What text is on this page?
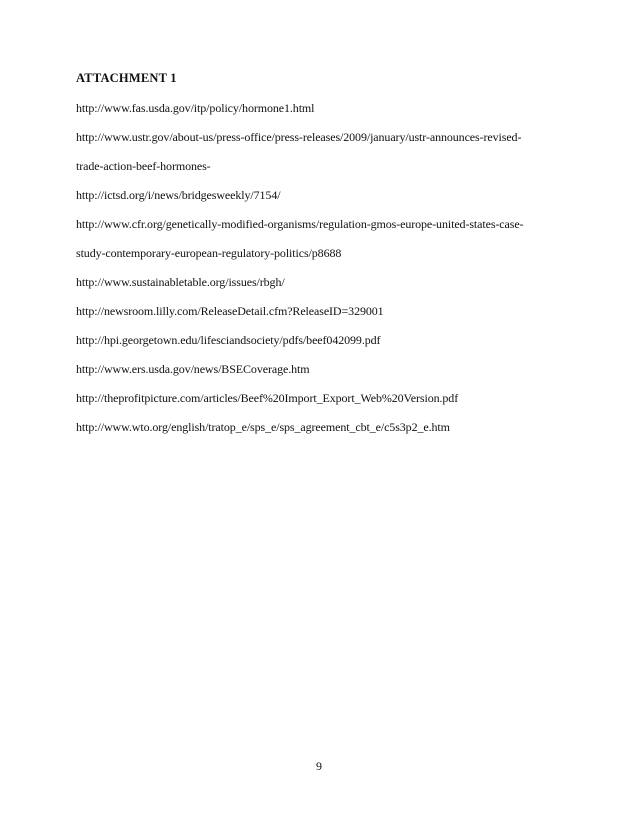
ATTACHMENT 1
http://www.fas.usda.gov/itp/policy/hormone1.html
http://www.ustr.gov/about-us/press-office/press-releases/2009/january/ustr-announces-revised-
trade-action-beef-hormones-
http://ictsd.org/i/news/bridgesweekly/7154/
http://www.cfr.org/genetically-modified-organisms/regulation-gmos-europe-united-states-case-
study-contemporary-european-regulatory-politics/p8688
http://www.sustainabletable.org/issues/rbgh/
http://newsroom.lilly.com/ReleaseDetail.cfm?ReleaseID=329001
http://hpi.georgetown.edu/lifesciandsociety/pdfs/beef042099.pdf
http://www.ers.usda.gov/news/BSECoverage.htm
http://theprofitpicture.com/articles/Beef%20Import_Export_Web%20Version.pdf
http://www.wto.org/english/tratop_e/sps_e/sps_agreement_cbt_e/c5s3p2_e.htm
9
